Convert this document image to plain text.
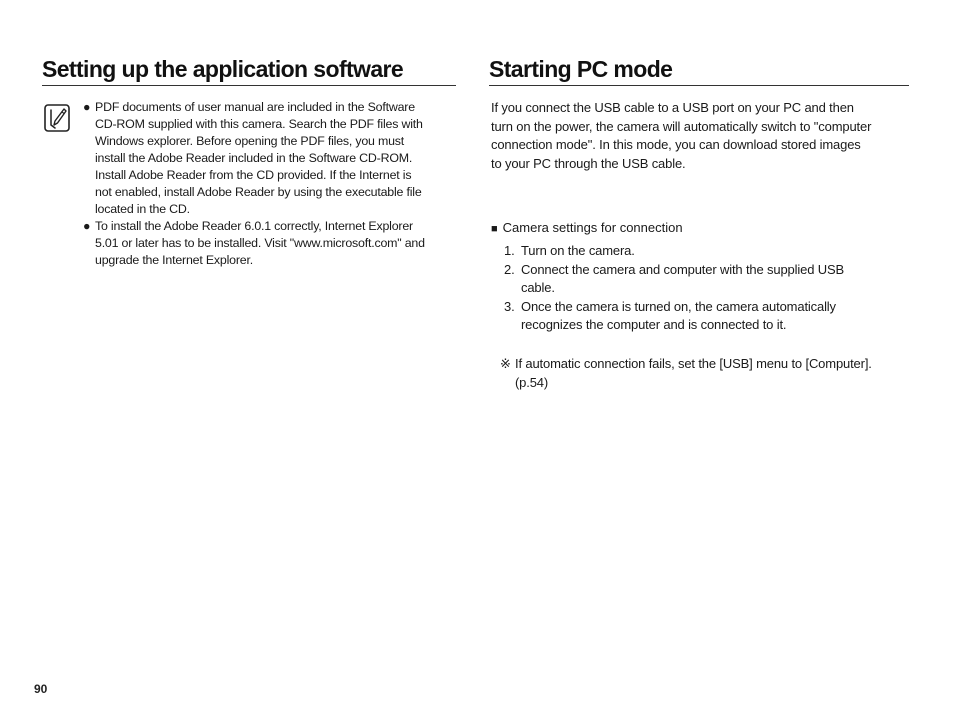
Setting up the application software
● PDF documents of user manual are included in the Software
CD-ROM supplied with this camera. Search the PDF files with
Windows explorer. Before opening the PDF files, you must
install the Adobe Reader included in the Software CD-ROM.
Install Adobe Reader from the CD provided. If the Internet is
not enabled, install Adobe Reader by using the executable file
located in the CD.
● To install the Adobe Reader 6.0.1 correctly, Internet Explorer
5.01 or later has to be installed. Visit "www.microsoft.com" and
upgrade the Internet Explorer.
Starting PC mode

If you connect the USB cable to a USB port on your PC and then
turn on the power, the camera will automatically switch to "computer
connection mode". In this mode, you can download stored images
to your PC through the USB cable.

■ Camera settings for connection
1. Turn on the camera.
2. Connect the camera and computer with the supplied USB
cable.
3. Once the camera is turned on, the camera automatically
recognizes the computer and is connected to it.
※ If automatic connection fails, set the [USB] menu to [Computer].
(p.54)
90
